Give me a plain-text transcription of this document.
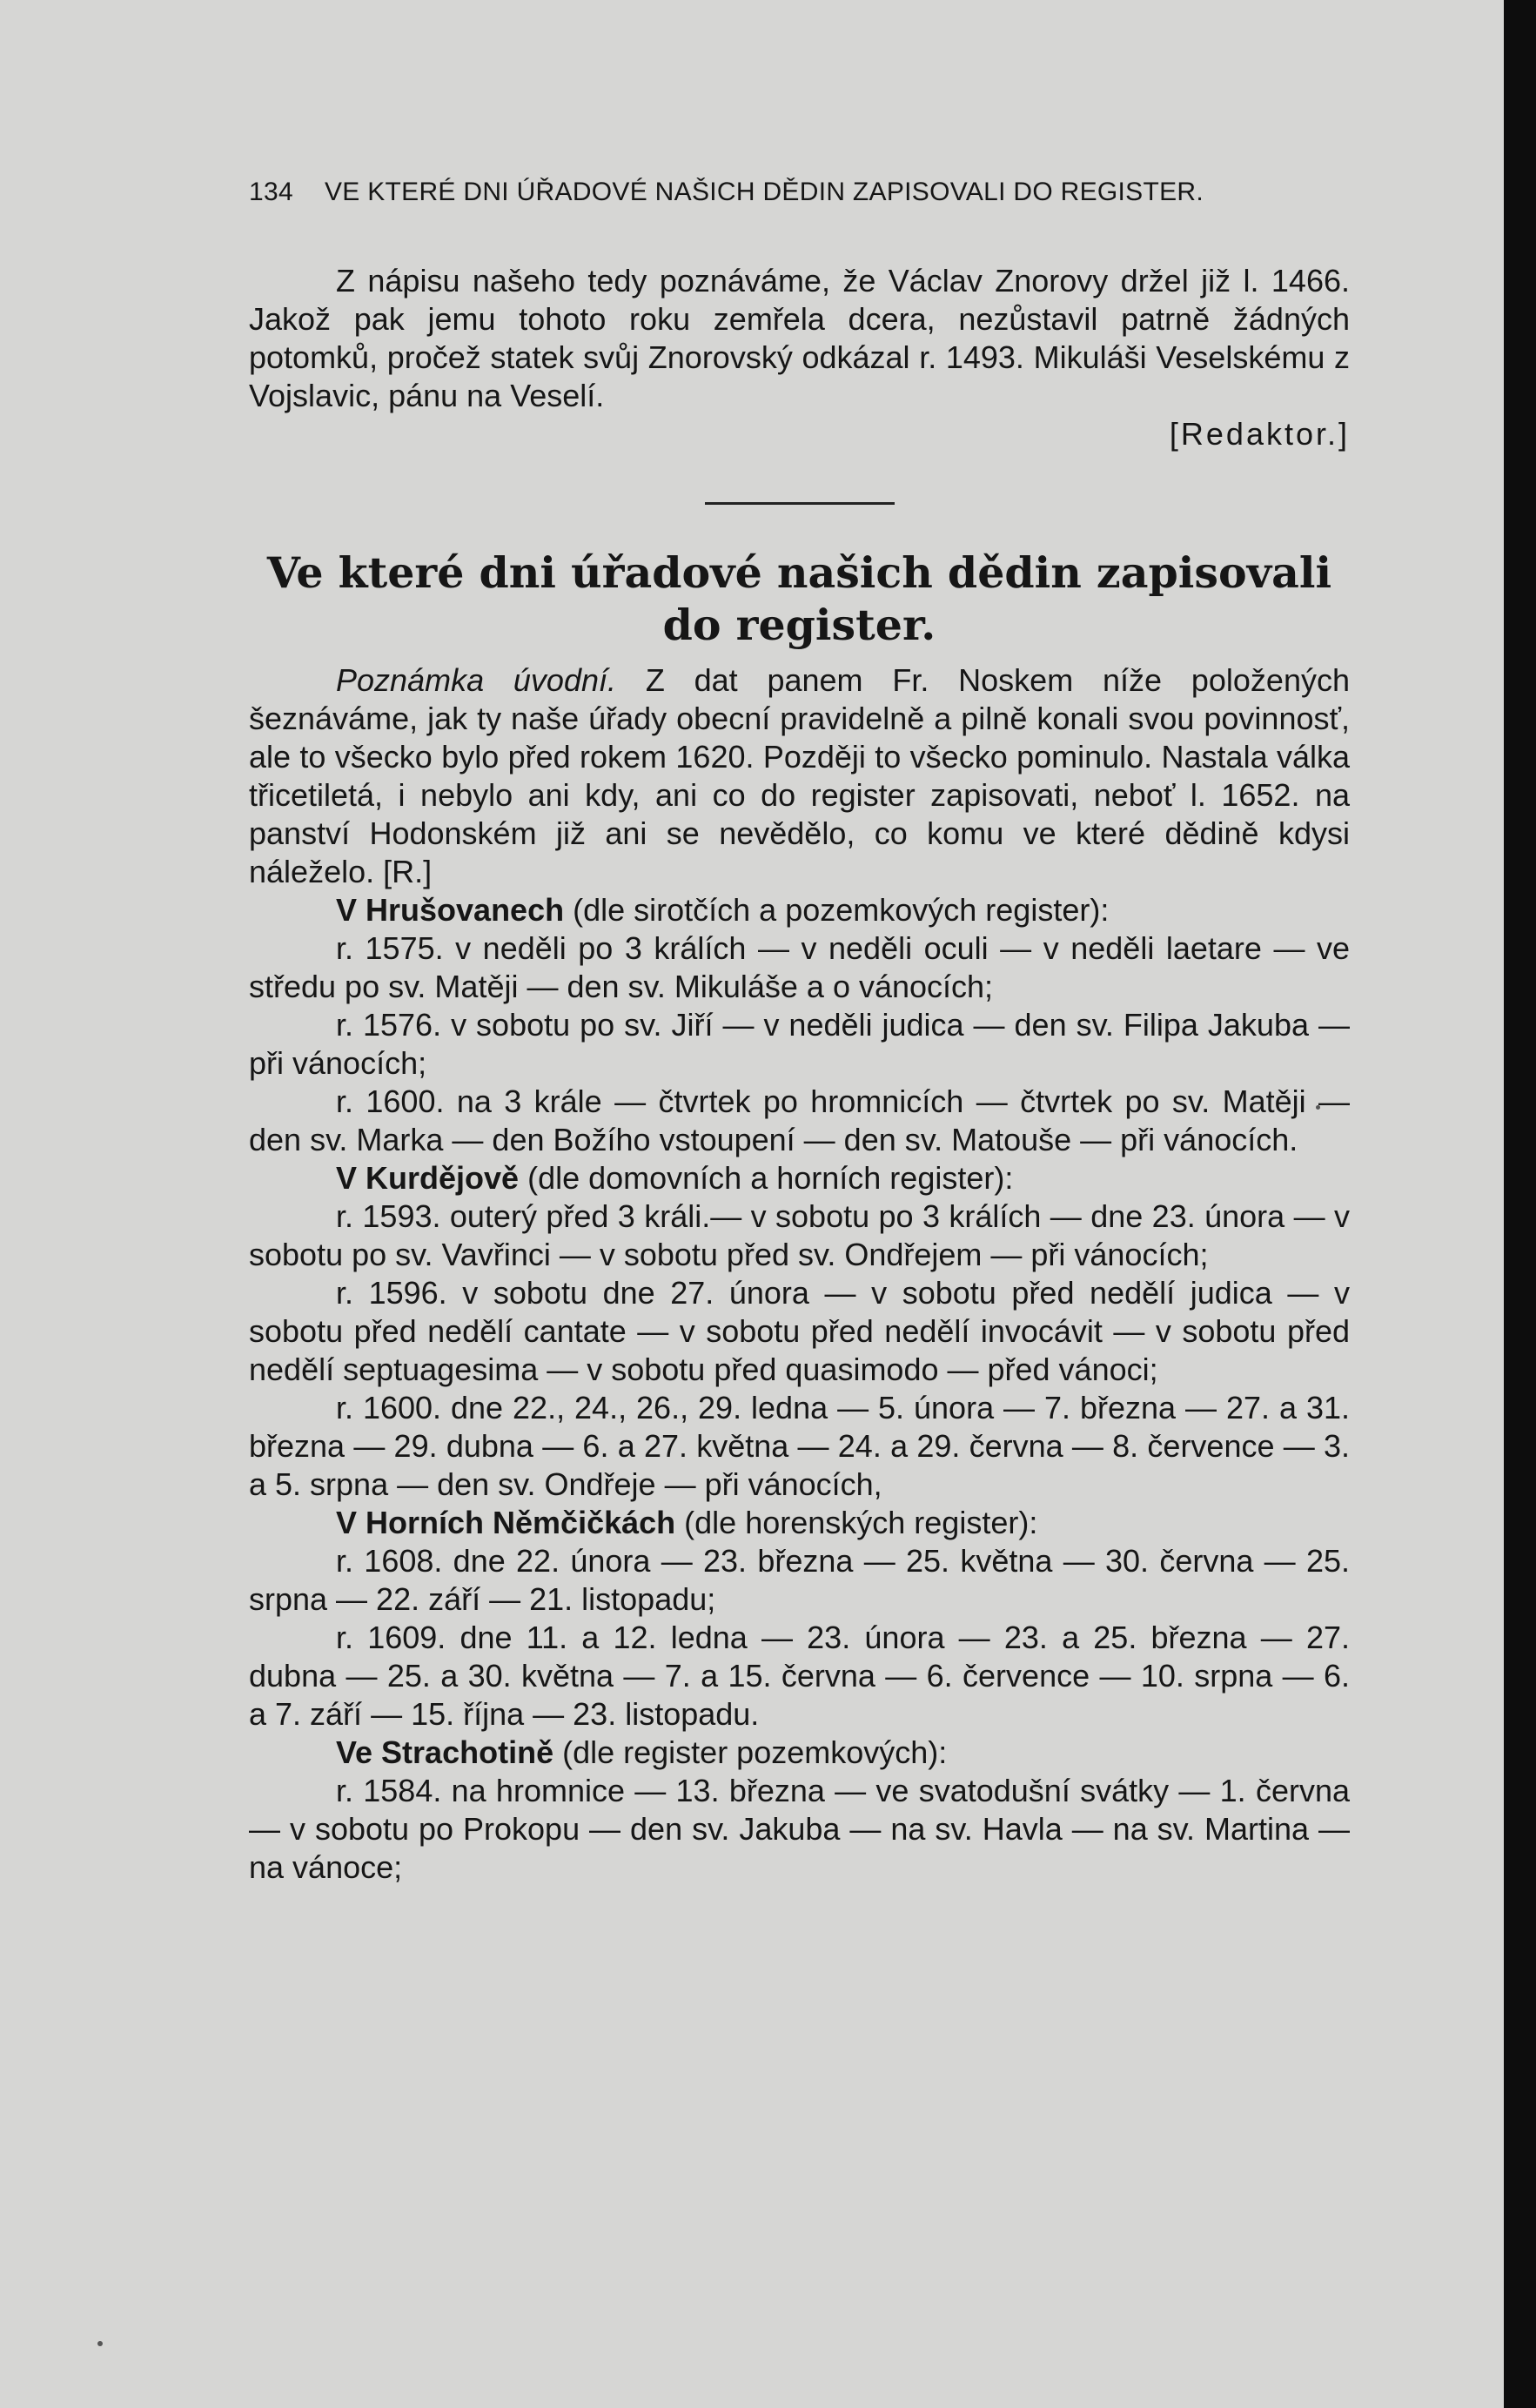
134 VE KTERÉ DNI ÚŘADOVÉ NAŠICH DĚDIN ZAPISOVALI DO REGISTER.

Z nápisu našeho tedy poznáváme, že Václav Znorovy držel již l. 1466. Jakož pak jemu tohoto roku zemřela dcera, nezůstavil patrně žádných potomků, pročež statek svůj Znorovský odkázal r. 1493. Mikuláši Veselskému z Vojslavic, pánu na Veselí.

[Redaktor.]

Ve které dni úřadové našich dědin zapisovali
do register.

Poznámka úvodní. Z dat panem Fr. Noskem níže položených šeznáváme, jak ty naše úřady obecní pravidelně a pilně konali svou povinnosť, ale to všecko bylo před rokem 1620. Později to všecko pominulo. Nastala válka třicetiletá, i nebylo ani kdy, ani co do register zapisovati, neboť l. 1652. na panství Hodonském již ani se nevědělo, co komu ve které dědině kdysi náleželo. [R.]

V Hrušovanech (dle sirotčích a pozemkových register):

r. 1575. v neděli po 3 králích — v neděli oculi — v neděli laetare — ve středu po sv. Matěji — den sv. Mikuláše a o vánocích;

r. 1576. v sobotu po sv. Jiří — v neděli judica — den sv. Filipa Jakuba — při vánocích;

r. 1600. na 3 krále — čtvrtek po hromnicích — čtvrtek po sv. Matěji — den sv. Marka — den Božího vstoupení — den sv. Matouše — při vánocích.

V Kurdějově (dle domovních a horních register):

r. 1593. outerý před 3 králi.— v sobotu po 3 králích — dne 23. února — v sobotu po sv. Vavřinci — v sobotu před sv. Ondřejem — při vánocích;

r. 1596. v sobotu dne 27. února — v sobotu před nedělí judica — v sobotu před nedělí cantate — v sobotu před nedělí invocávit — v sobotu před nedělí septuagesima — v sobotu před quasimodo — před vánoci;

r. 1600. dne 22., 24., 26., 29. ledna — 5. února — 7. března — 27. a 31. března — 29. dubna — 6. a 27. května — 24. a 29. června — 8. července — 3. a 5. srpna — den sv. Ondřeje — při vánocích,

V Horních Němčičkách (dle horenských register):

r. 1608. dne 22. února — 23. března — 25. května — 30. června — 25. srpna — 22. září — 21. listopadu;

r. 1609. dne 11. a 12. ledna — 23. února — 23. a 25. března — 27. dubna — 25. a 30. května — 7. a 15. června — 6. července — 10. srpna — 6. a 7. září — 15. října — 23. listopadu.

Ve Strachotině (dle register pozemkových):

r. 1584. na hromnice — 13. března — ve svatodušní svátky — 1. června — v sobotu po Prokopu — den sv. Jakuba — na sv. Havla — na sv. Martina — na vánoce;
